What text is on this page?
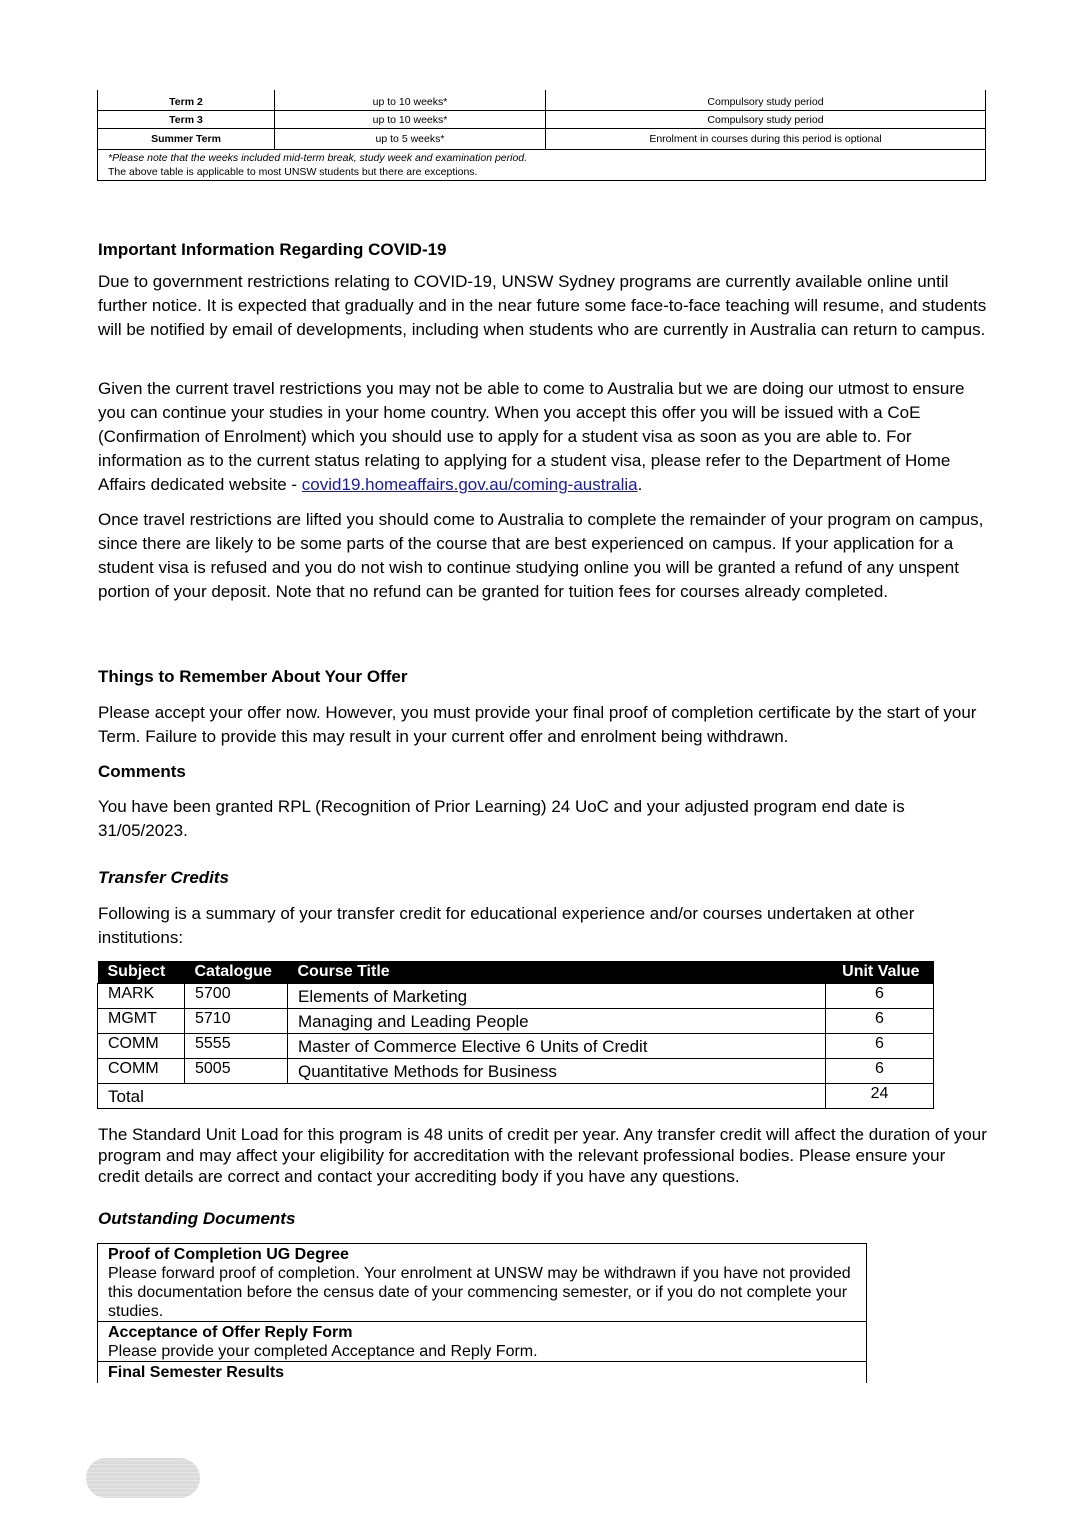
Term 2	up to 10 weeks*	Compulsory study period
Term 3	up to 10 weeks*	Compulsory study period
Summer Term	up to 5 weeks*	Enrolment in courses during this period is optional

*Please note that the weeks included mid-term break, study week and examination period.
The above table is applicable to most UNSW students but there are exceptions.		
Important Information Regarding COVID-19

Due to government restrictions relating to COVID-19, UNSW Sydney programs are currently available online until further notice. It is expected that gradually and in the near future some face-to-face teaching will resume, and students will be notified by email of developments, including when students who are currently in Australia can return to campus.

Given the current travel restrictions you may not be able to come to Australia but we are doing our utmost to ensure you can continue your studies in your home country. When you accept this offer you will be issued with a CoE (Confirmation of Enrolment) which you should use to apply for a student visa as soon as you are able to. For information as to the current status relating to applying for a student visa, please refer to the Department of Home Affairs dedicated website - covid19.homeaffairs.gov.au/coming-australia.

Once travel restrictions are lifted you should come to Australia to complete the remainder of your program on campus, since there are likely to be some parts of the course that are best experienced on campus. If your application for a student visa is refused and you do not wish to continue studying online you will be granted a refund of any unspent portion of your deposit. Note that no refund can be granted for tuition fees for courses already completed.

Things to Remember About Your Offer

Please accept your offer now. However, you must provide your final proof of completion certificate by the start of your Term. Failure to provide this may result in your current offer and enrolment being withdrawn.

Comments

You have been granted RPL (Recognition of Prior Learning) 24 UoC and your adjusted program end date is 31/05/2023.

Transfer Credits

Following is a summary of your transfer credit for educational experience and/or courses undertaken at other institutions:

Subject	Catalogue	Course Title	Unit Value
MARK	5700	Elements of Marketing	6
MGMT	5710	Managing and Leading People	6
COMM	5555	Master of Commerce Elective 6 Units of Credit	6
COMM	5005	Quantitative Methods for Business	6
Total			24

The Standard Unit Load for this program is 48 units of credit per year. Any transfer credit will affect the duration of your program and may affect your eligibility for accreditation with the relevant professional bodies. Please ensure your credit details are correct and contact your accrediting body if you have any questions.

Outstanding Documents
Proof of Completion UG Degree
Please forward proof of completion. Your enrolment at UNSW may be withdrawn if you have not provided this documentation before the census date of your commencing semester, or if you do not complete your studies.
Acceptance of Offer Reply Form
Please provide your completed Acceptance and Reply Form.
Final Semester Results
